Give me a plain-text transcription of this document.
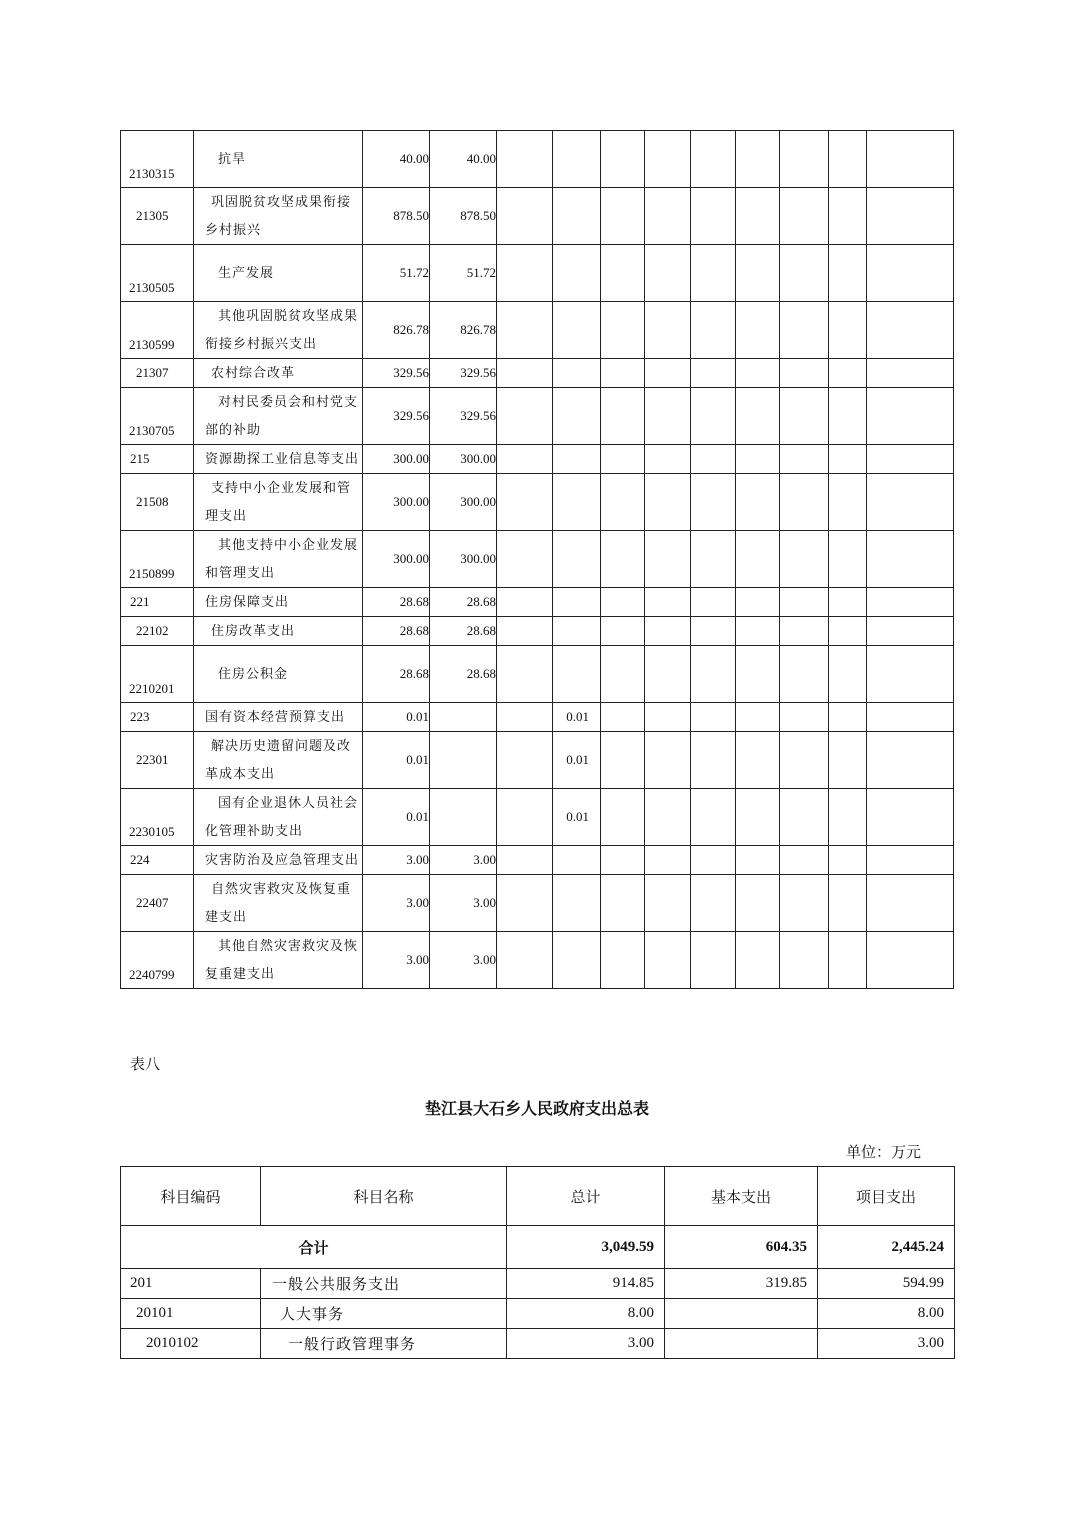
2130315	抗旱	40.00	40.00									

21305	巩固脱贫攻坚成果衔接
乡村振兴	878.50	878.50									

2130505	生产发展	51.72	51.72									

2130599	其他巩固脱贫攻坚成果
衔接乡村振兴支出	826.78	826.78									

21307	农村综合改革	329.56	329.56									

2130705	对村民委员会和村党支
部的补助	329.56	329.56									

215	资源勘探工业信息等支出	300.00	300.00									

21508	支持中小企业发展和管
理支出	300.00	300.00									

2150899	其他支持中小企业发展
和管理支出	300.00	300.00									

221	住房保障支出	28.68	28.68									

22102	住房改革支出	28.68	28.68									

2210201	住房公积金	28.68	28.68									

223	国有资本经营预算支出	0.01			0.01							

22301	解决历史遗留问题及改
革成本支出	0.01			0.01							

2230105	国有企业退休人员社会
化管理补助支出	0.01			0.01							

224	灾害防治及应急管理支出	3.00	3.00									

22407	自然灾害救灾及恢复重
建支出	3.00	3.00									

2240799	其他自然灾害救灾及恢
复重建支出	3.00	3.00									
表八
垫江县大石乡人民政府支出总表
单位：万元
科目编码	科目名称	总计	基本支出	项目支出
合计		3,049.59	604.35	2,445.24
201	一般公共服务支出	914.85	319.85	594.99
20101	人大事务	8.00		8.00
2010102	一般行政管理事务	3.00		3.00
